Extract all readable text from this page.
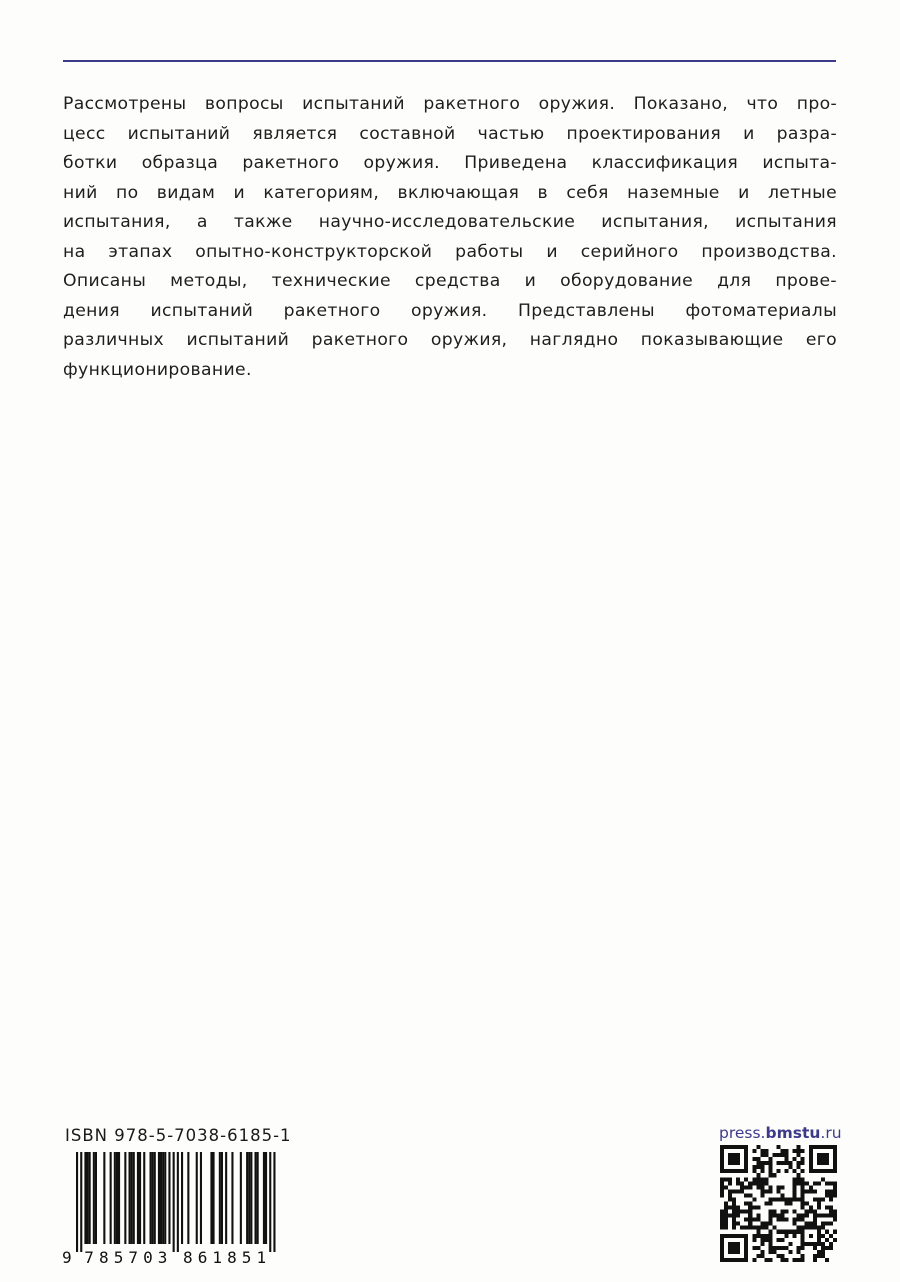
Рассмотрены вопросы испытаний ракетного оружия. Показано, что про-
цесс испытаний является составной частью проектирования и разра-
ботки образца ракетного оружия. Приведена классификация испыта-
ний по видам и категориям, включающая в себя наземные и летные
испытания, а также научно-исследовательские испытания, испытания
на этапах опытно-конструкторской работы и серийного производства.
Описаны методы, технические средства и оборудование для прове-
дения испытаний ракетного оружия. Представлены фотоматериалы
различных испытаний ракетного оружия, наглядно показывающие его
функционирование.
ISBN 978-5-7038-6185-1
9 7 8 5 7 0 3 8 6 1 8 5 1
press.bmstu.ru
